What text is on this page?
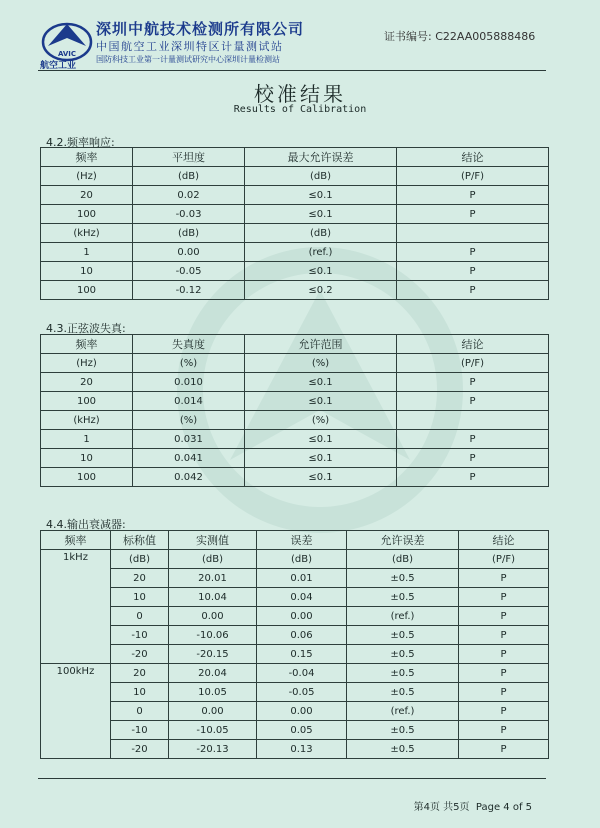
AVIC
航空工业
深圳中航技术检测所有限公司
中国航空工业深圳特区计量测试站
国防科技工业第一计量测试研究中心深圳计量检测站
证书编号: C22AA005888486
校准结果
Results of Calibration
4.2.频率响应:
频率	平坦度	最大允许误差	结论
(Hz)	(dB)	(dB)	(P/F)
20	0.02	≤0.1	P
100	-0.03	≤0.1	P
(kHz)	(dB)	(dB)	
1	0.00	(ref.)	P
10	-0.05	≤0.1	P
100	-0.12	≤0.2	P
4.3.正弦波失真:
频率	失真度	允许范围	结论
(Hz)	(%)	(%)	(P/F)
20	0.010	≤0.1	P
100	0.014	≤0.1	P
(kHz)	(%)	(%)	
1	0.031	≤0.1	P
10	0.041	≤0.1	P
100	0.042	≤0.1	P
4.4.输出衰减器:
频率	标称值	实测值	误差	允许误差	结论
1kHz	(dB)	(dB)	(dB)	(dB)	(P/F)
	20	20.01	0.01	±0.5	P
	10	10.04	0.04	±0.5	P
	0	0.00	0.00	(ref.)	P
	-10	-10.06	0.06	±0.5	P
	-20	-20.15	0.15	±0.5	P
100kHz	20	20.04	-0.04	±0.5	P
	10	10.05	-0.05	±0.5	P
	0	0.00	0.00	(ref.)	P
	-10	-10.05	0.05	±0.5	P
	-20	-20.13	0.13	±0.5	P
第4页 共5页 Page 4 of 5
